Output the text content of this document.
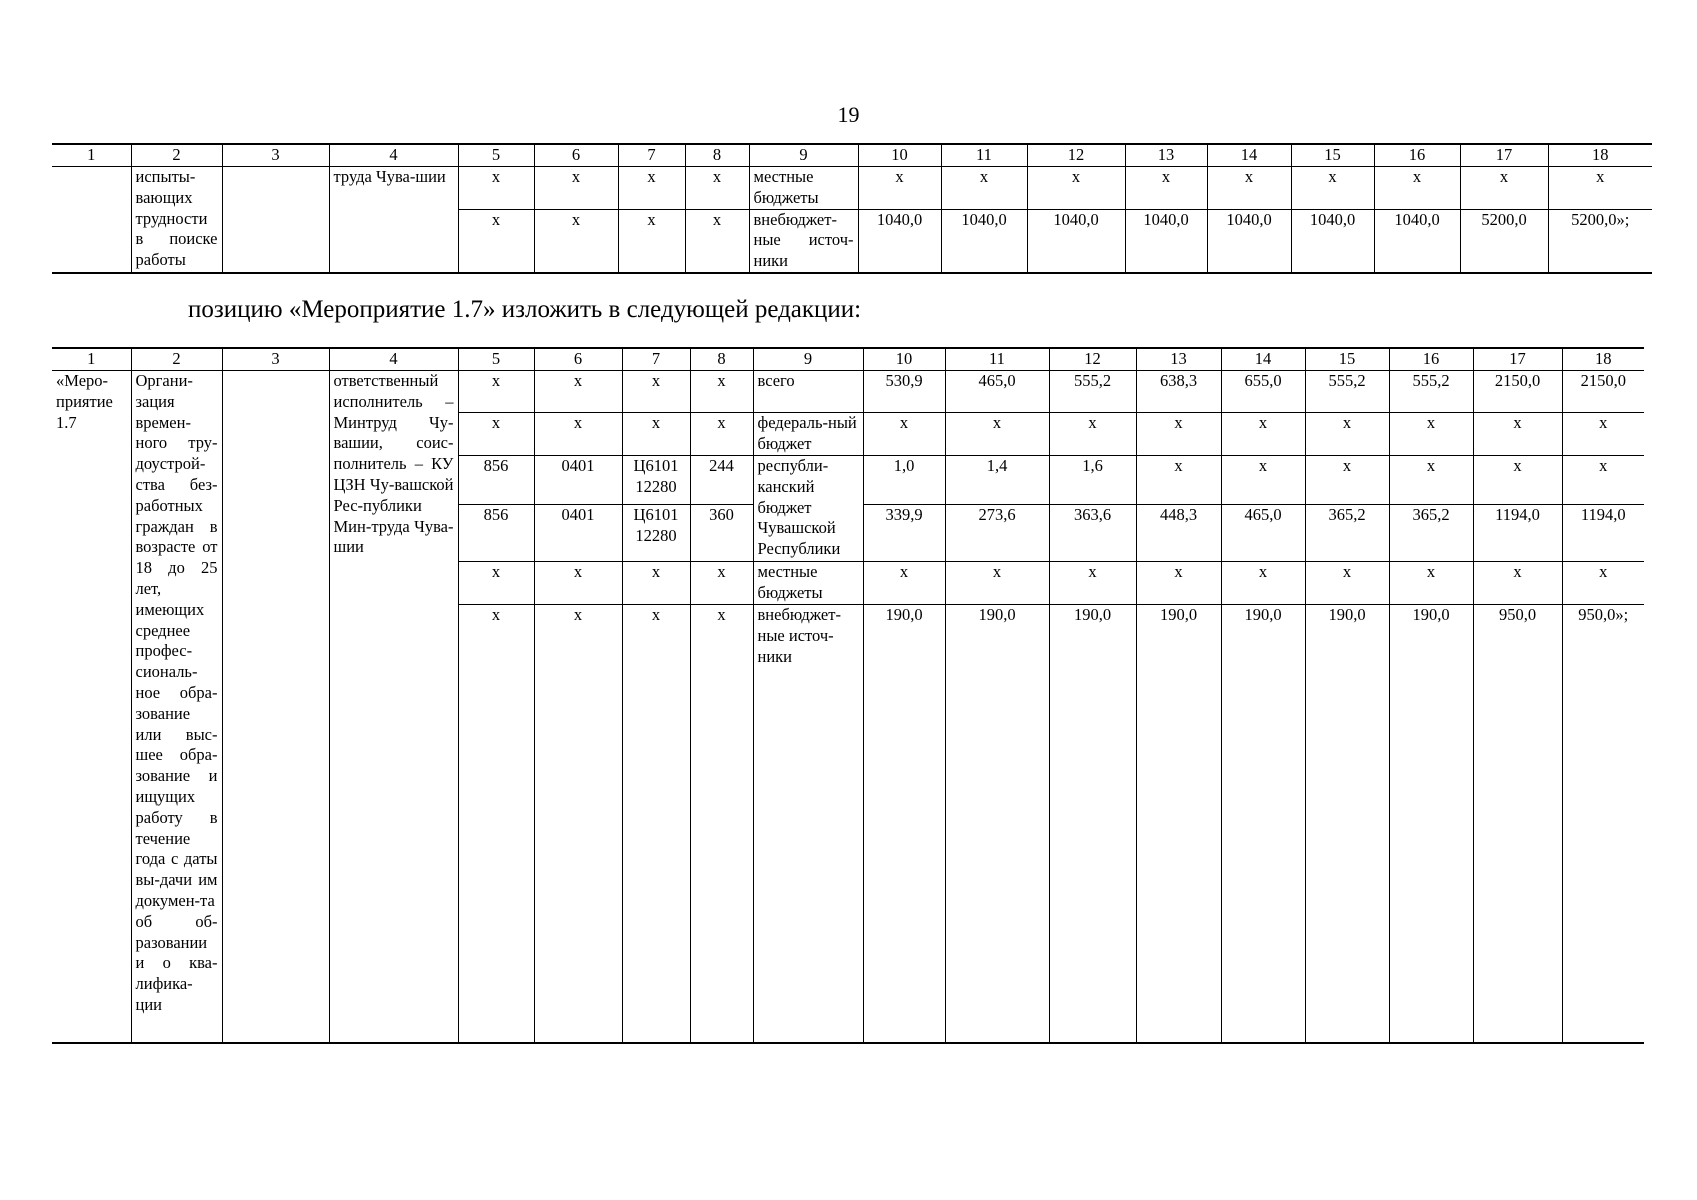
19
1	2	3	4	5	6	7	8	9	10	11	12	13	14	15	16	17	18
	испыты-вающих трудности в поиске работы		труда Чува-шии	х	х	х	х	местные бюджеты	х	х	х	х	х	х	х	х	х
				х	х	х	х	внебюджет-ные источ-ники	1040,0	1040,0	1040,0	1040,0	1040,0	1040,0	1040,0	5200,0	5200,0»;
позицию «Мероприятие 1.7» изложить в следующей редакции:
1	2	3	4	5	6	7	8	9	10	11	12	13	14	15	16	17	18
«Меро-приятие 1.7	Органи-зация времен-ного тру-доустрой-ства без-работных граждан в возрасте от 18 до 25 лет, имеющих среднее профес-сиональ-ное обра-зование или выс-шее обра-зование и ищущих работу в течение года с даты вы-дачи им докумен-та об об-разовании и о ква-лифика-ции		ответственный исполнитель – Минтруд Чу-вашии, соис-полнитель – КУ ЦЗН Чу-вашской Рес-публики Мин-труда Чува-шии	х	х	х	х	всего	530,9	465,0	555,2	638,3	655,0	555,2	555,2	2150,0	2150,0
				х	х	х	х	федераль-ный бюджет	х	х	х	х	х	х	х	х	х
				856	0401	Ц6101 12280	244	республи-канский бюджет Чувашской Республики	1,0	1,4	1,6	х	х	х	х	х	х
				856	0401	Ц6101 12280	360		339,9	273,6	363,6	448,3	465,0	365,2	365,2	1194,0	1194,0
				х	х	х	х	местные бюджеты	х	х	х	х	х	х	х	х	х
				х	х	х	х	внебюджет-ные источ-ники	190,0	190,0	190,0	190,0	190,0	190,0	190,0	950,0	950,0»;
